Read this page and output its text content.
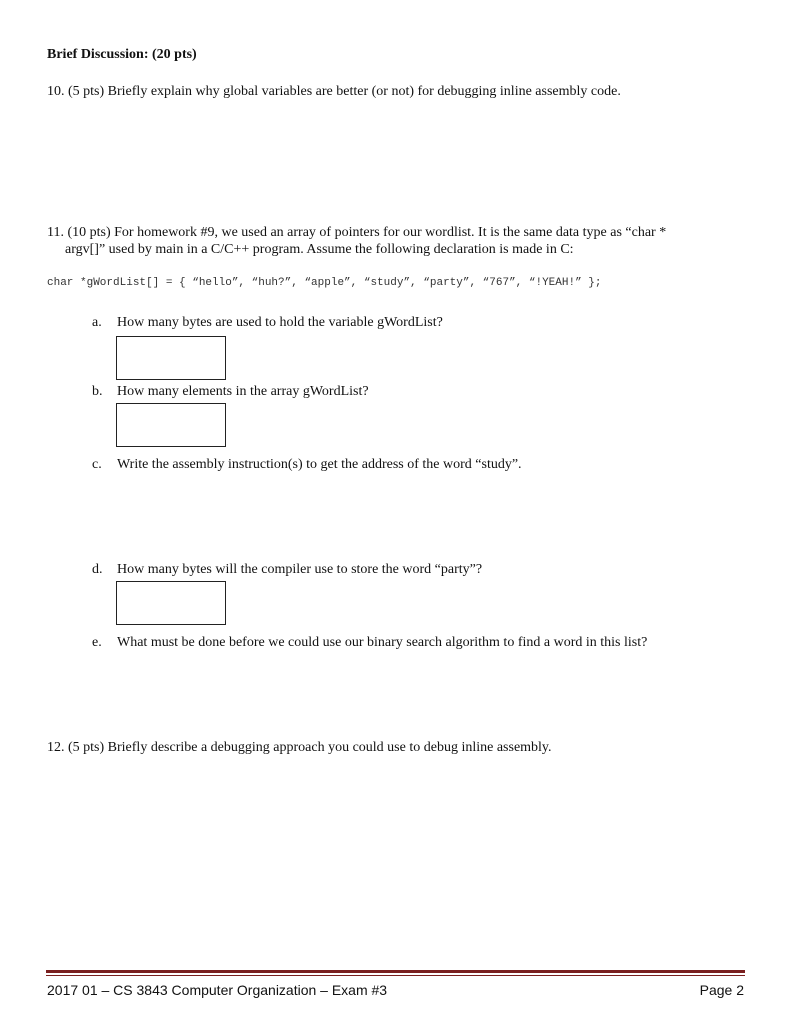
Brief Discussion: (20 pts)
10. (5 pts) Briefly explain why global variables are better (or not) for debugging inline assembly code.
11. (10 pts) For homework #9, we used an array of pointers for our wordlist. It is the same data type as “char *
argv[]” used by main in a C/C++ program. Assume the following declaration is made in C:
char *gWordList[] = { “hello”, “huh?”, “apple”, “study”, “party”, “767”, “!YEAH!” };
a. How many bytes are used to hold the variable gWordList?
b. How many elements in the array gWordList?
c. Write the assembly instruction(s) to get the address of the word “study”.
d. How many bytes will the compiler use to store the word “party”?
e. What must be done before we could use our binary search algorithm to find a word in this list?
12. (5 pts) Briefly describe a debugging approach you could use to debug inline assembly.
2017 01 – CS 3843 Computer Organization – Exam #3	Page 2
